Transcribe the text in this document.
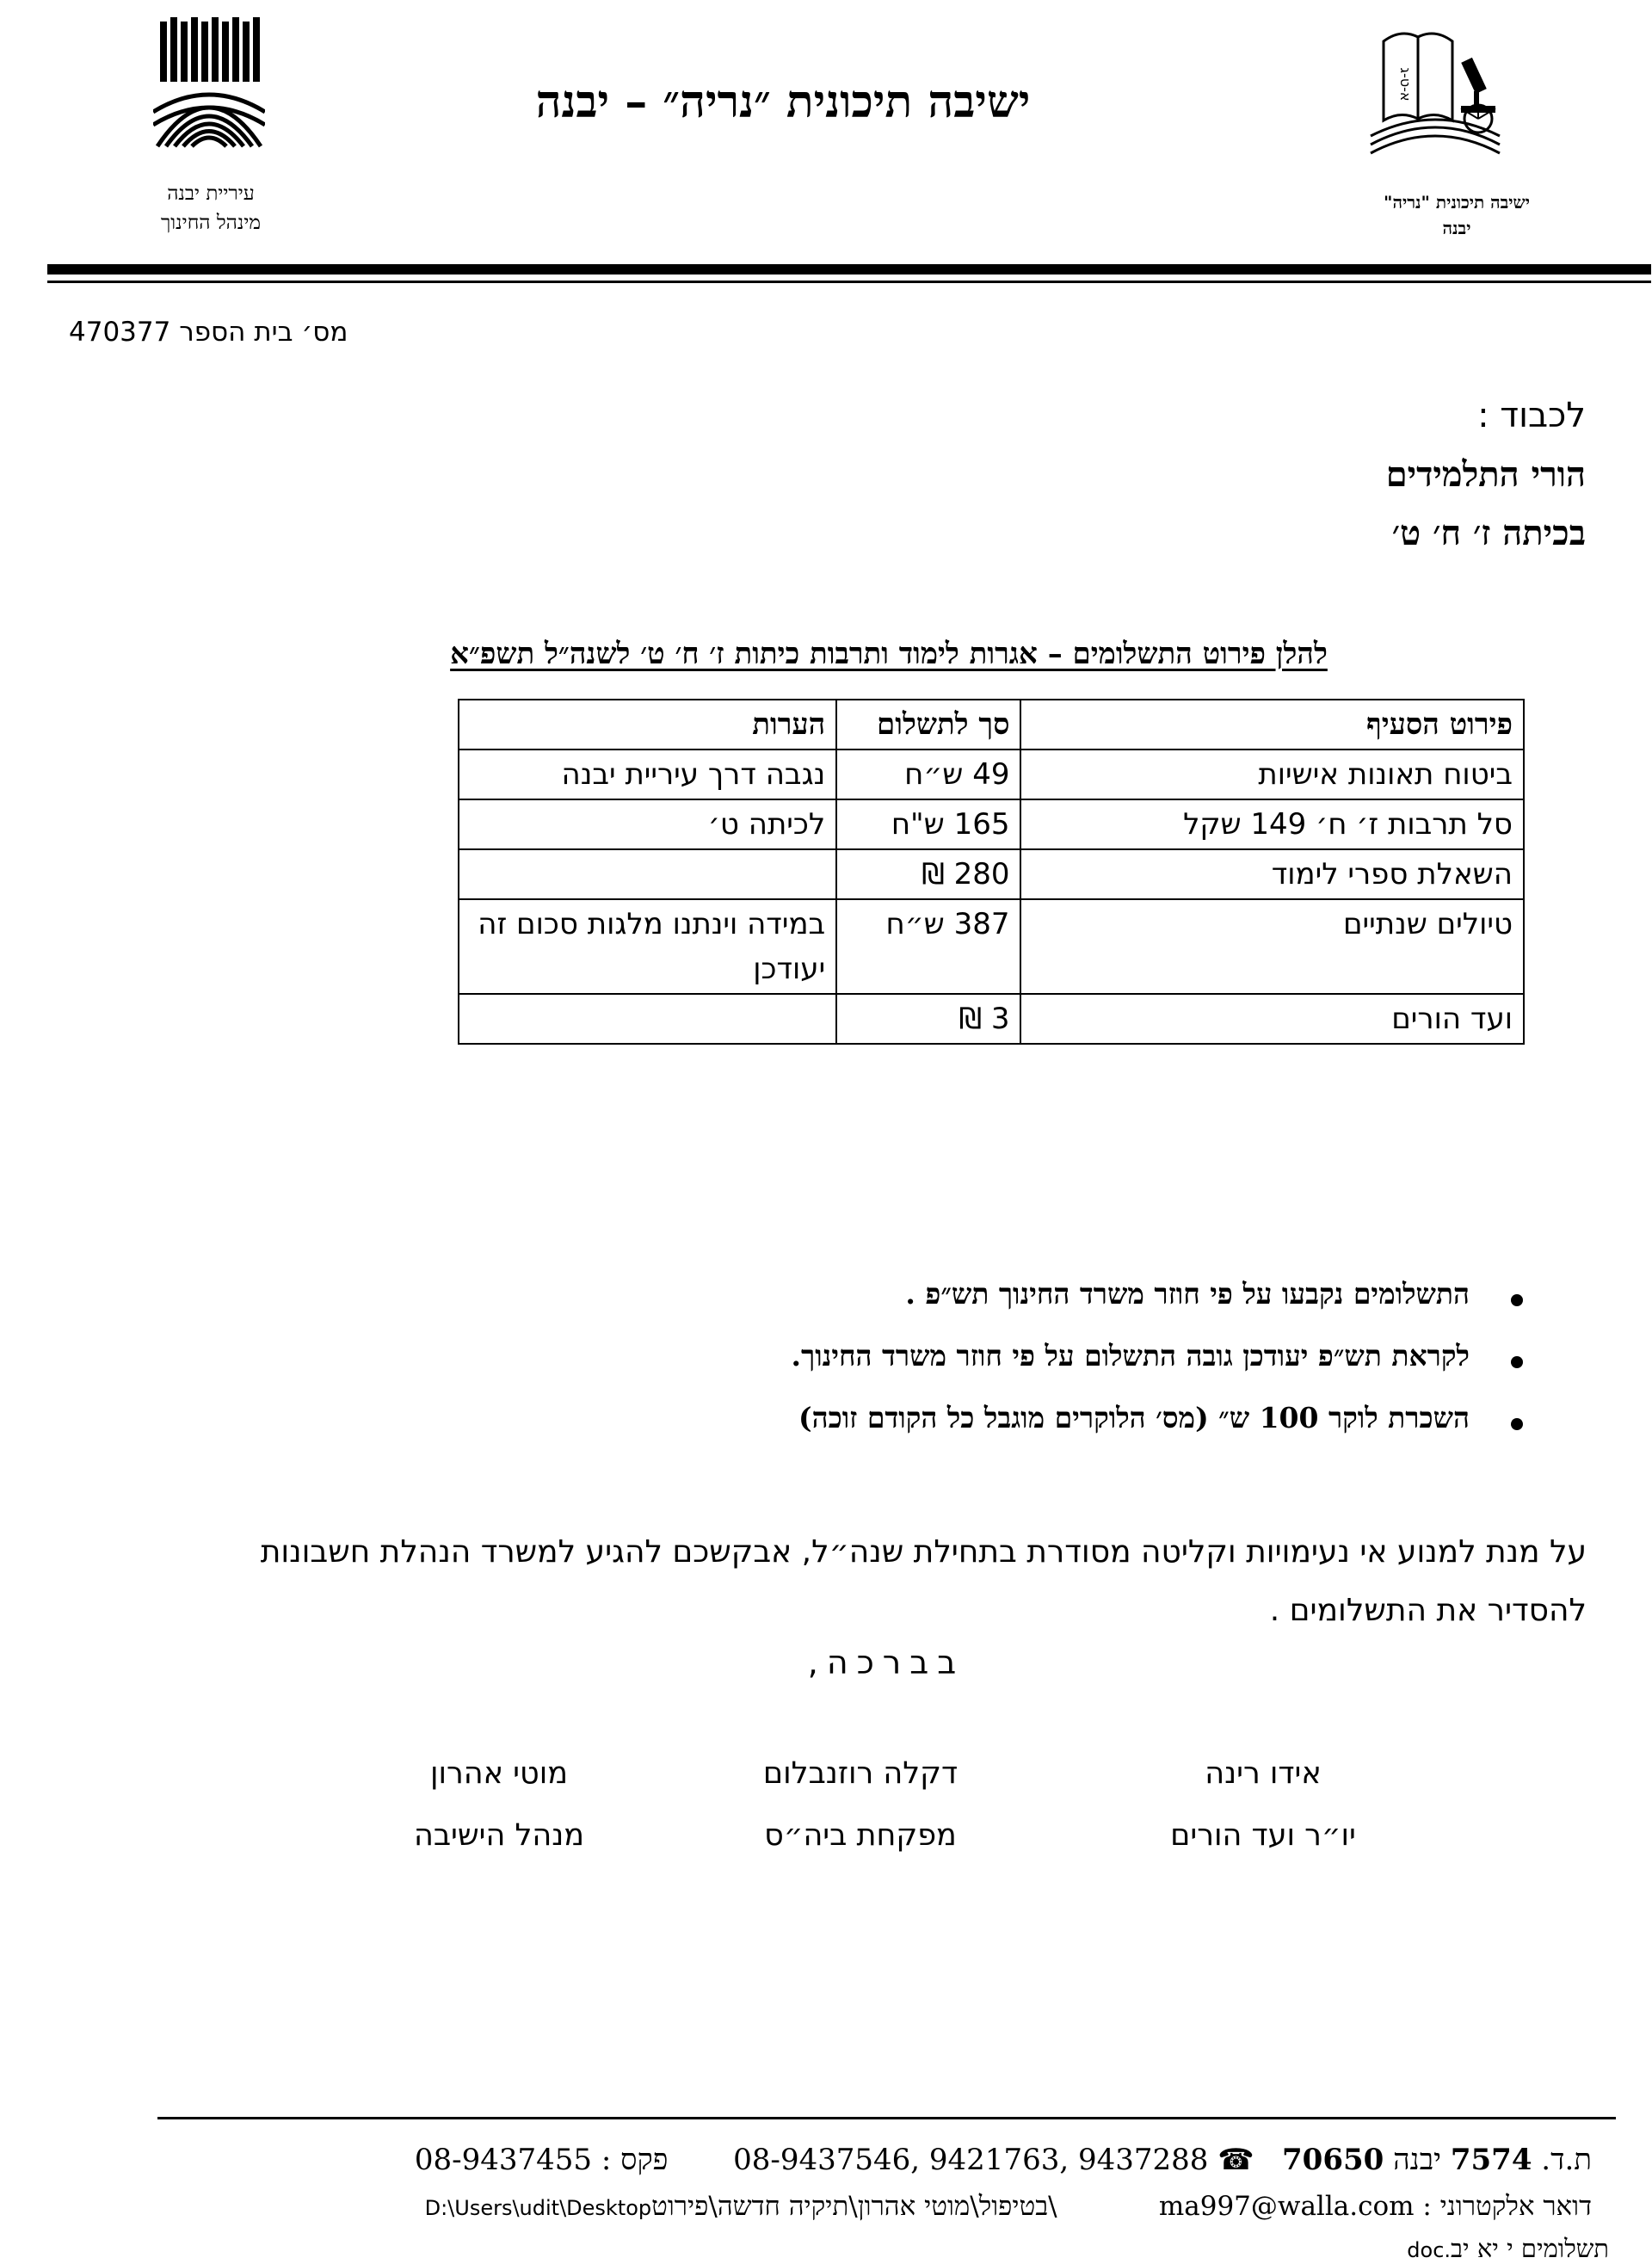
עיריית יבנה
מינהל החינוך
ישיבה תיכונית ״נריה״ – יבנה	א-ט-ג
ישיבה תיכונית "נריה"
יבנה
מס׳ בית הספר 470377
לכבוד :
הורי התלמידים
בכיתה ז׳ ח׳ ט׳
להלן פירוט התשלומים – אגרות לימוד ותרבות כיתות ז׳ ח׳ ט׳ לשנה״ל תשפ״א
פירוט הסעיף	סך לתשלום	הערות
ביטוח תאונות אישיות	49 ש״ח	נגבה דרך עיריית יבנה
סל תרבות ז׳ ח׳ 149 שקל	165 ש"ח	לכיתה ט׳
השאלת ספרי לימוד	280 ₪	
טיולים שנתיים	387 ש״ח	במידה וינתנו מלגות סכום זה יעודכן
ועד הורים	3 ₪	
התשלומים נקבעו על פי חוזר משרד החינוך תש״פ .
לקראת תש״פ יעודכן גובה התשלום על פי חוזר משרד החינוך.
השכרת לוקר 100 ש״ (מס׳ הלוקרים מוגבל כל הקודם זוכה)
על מנת למנוע אי נעימויות וקליטה מסודרת בתחילת שנה״ל, אבקשכם להגיע למשרד הנהלת חשבונות להסדיר את התשלומים .
בברכה,
אידו רינה
יו״ר ועד הורים
דקלה רוזנבלום
מפקחת ביה״ס
מוטי אהרון
מנהל הישיבה
ת.ד. 7574 יבנה 70650   ☎ 08-9437546, 9421763, 9437288       פקס : 08-9437455
דואר אלקטרוני : ma997@walla.com            \בטיפול\מוטי אהרון\תיקיה חדשה\פירוטD:\Users\udit\Desktop
תשלומים י יא יב.doc
